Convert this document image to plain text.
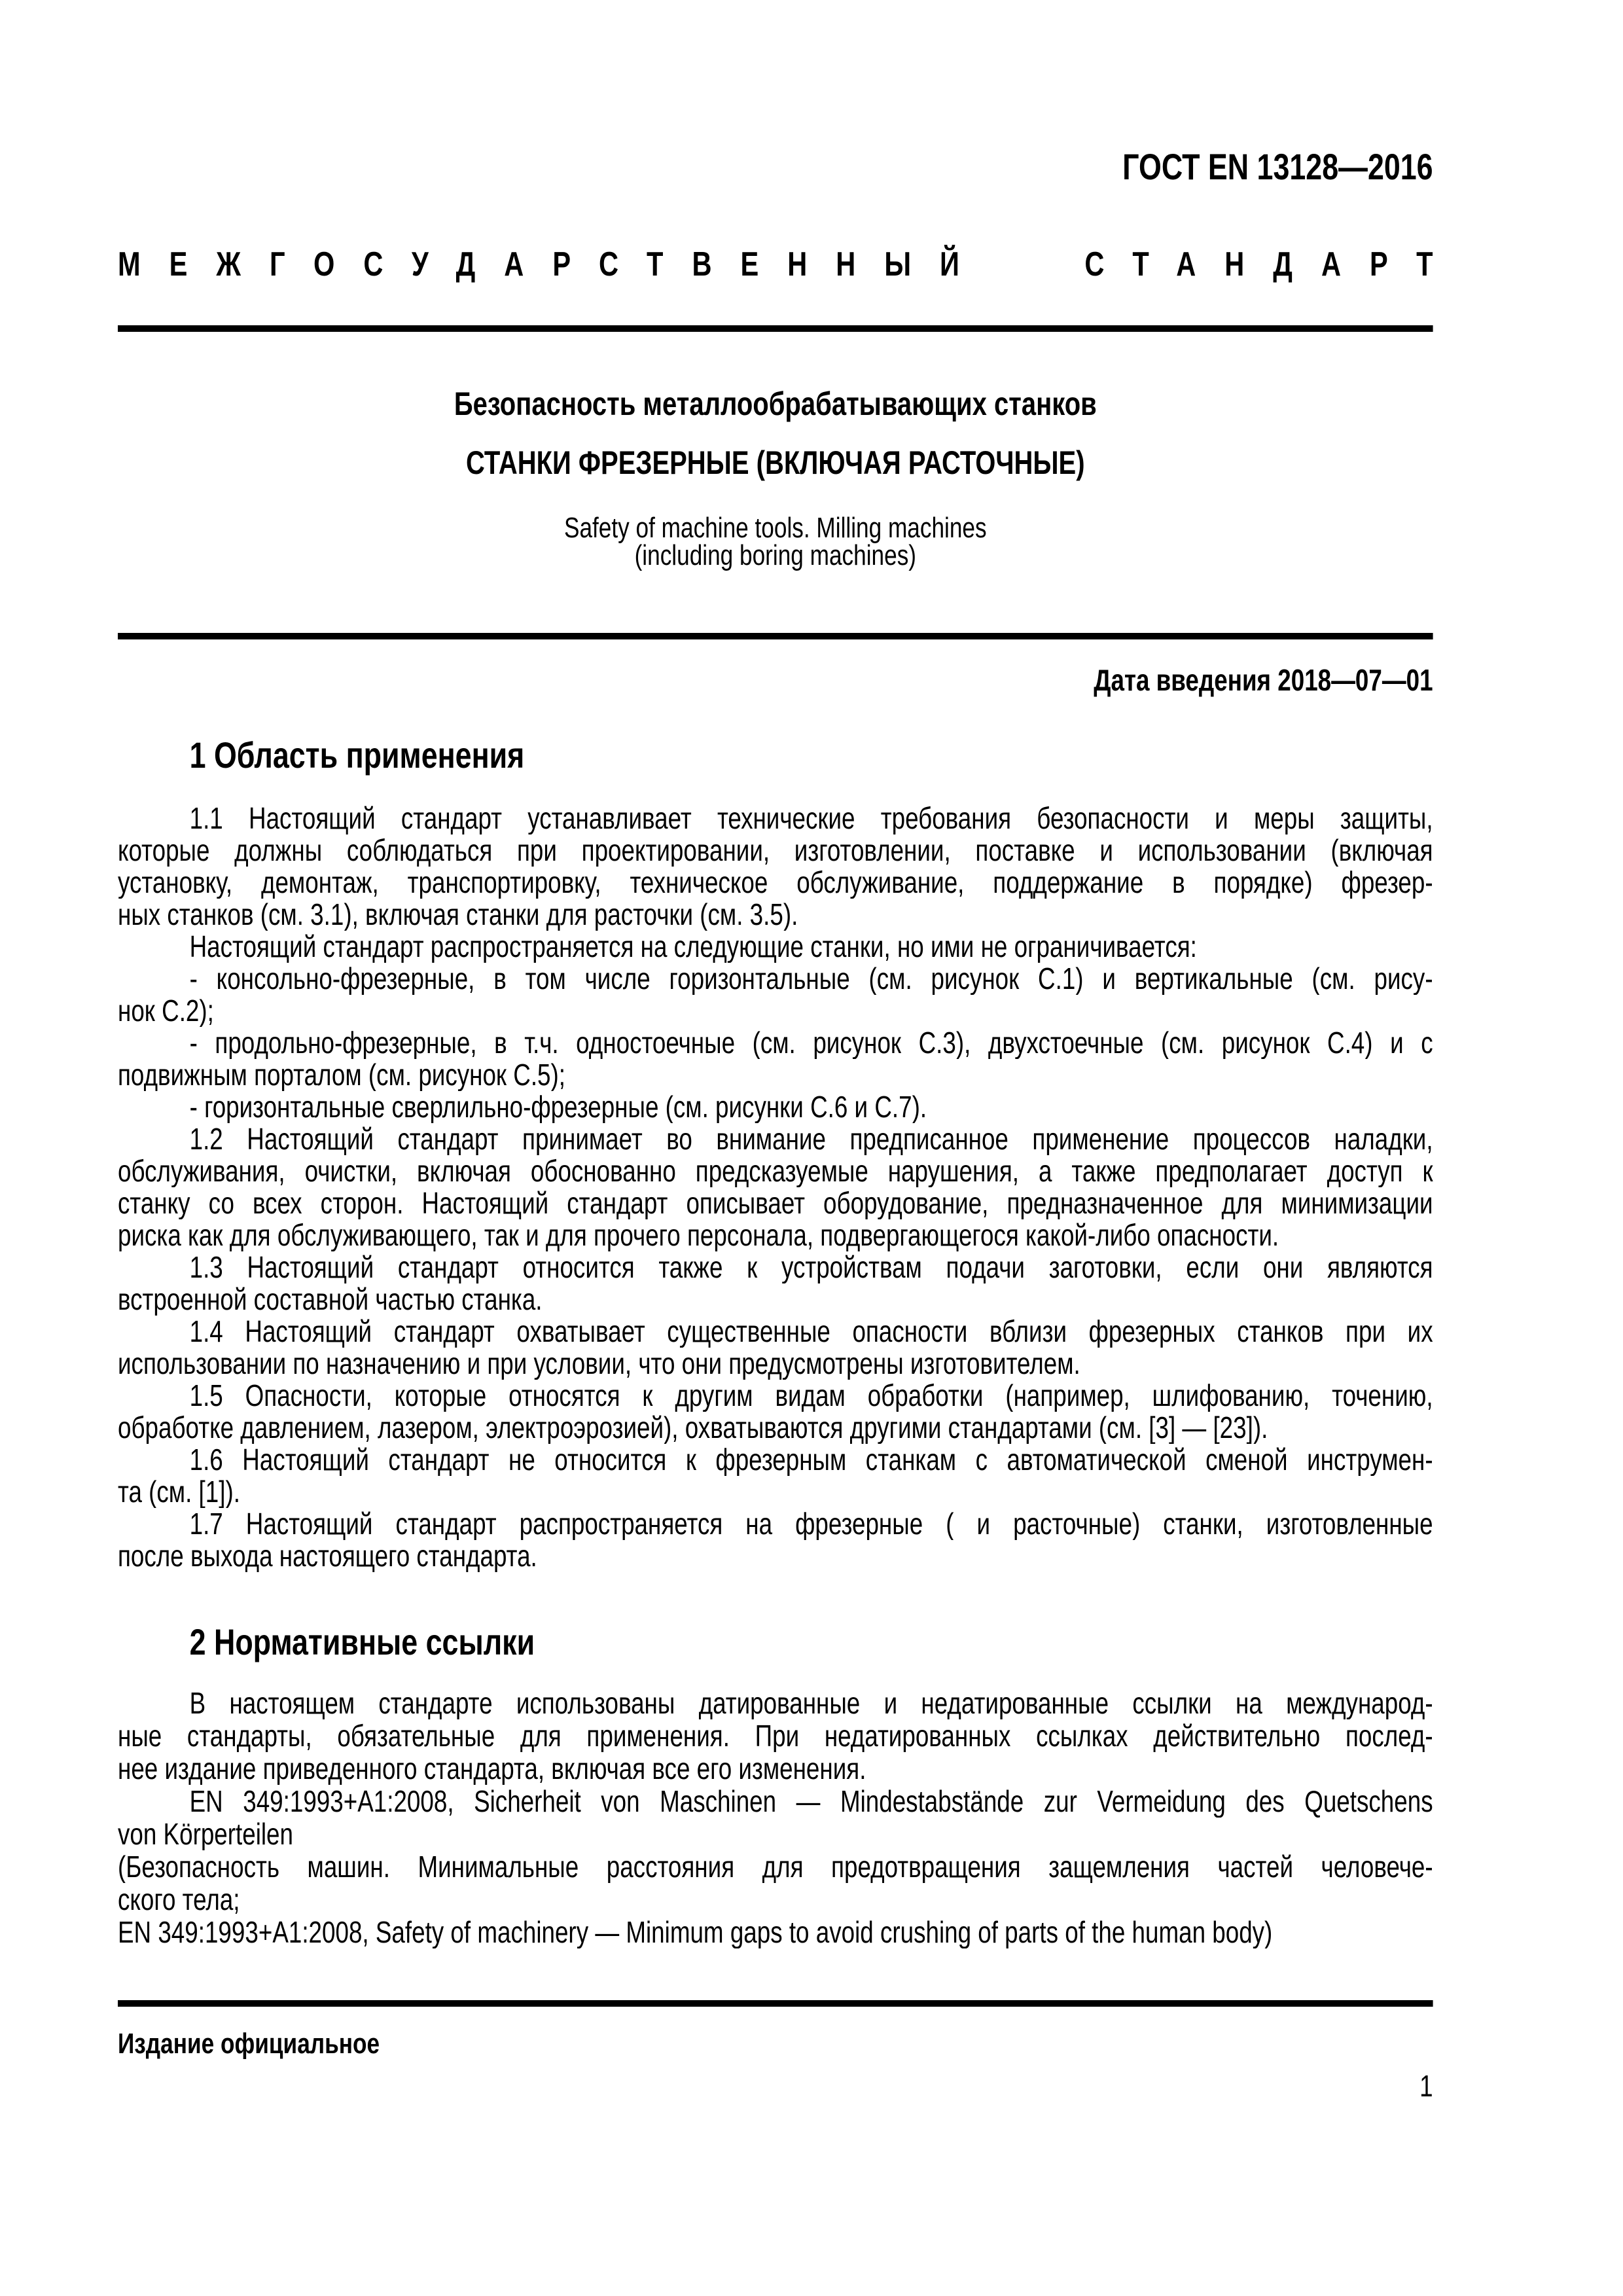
ГОСТ EN 13128—2016
МЕЖГОСУДАРСТВЕННЫЙ	СТАНДАРТ
Безопасность металлообрабатывающих станков
СТАНКИ ФРЕЗЕРНЫЕ (ВКЛЮЧАЯ РАСТОЧНЫЕ)
Safety of machine tools. Milling machines
(including boring machines)
Дата введения 2018—07—01
1 Область применения
1.1 Настоящий стандарт устанавливает технические требования безопасности и меры защиты,
которые должны соблюдаться при проектировании, изготовлении, поставке и использовании (включая
установку, демонтаж, транспортировку, техническое обслуживание, поддержание в порядке) фрезер-
ных станков (см. 3.1), включая станки для расточки (см. 3.5).
Настоящий стандарт распространяется на следующие станки, но ими не ограничивается:
- консольно-фрезерные, в том числе горизонтальные (см. рисунок С.1) и вертикальные (см. рису-
нок С.2);
- продольно-фрезерные, в т.ч. одностоечные (см. рисунок С.3), двухстоечные (см. рисунок С.4) и с
подвижным порталом (см. рисунок С.5);
- горизонтальные сверлильно-фрезерные (см. рисунки С.6 и С.7).
1.2 Настоящий стандарт принимает во внимание предписанное применение процессов наладки,
обслуживания, очистки, включая обоснованно предсказуемые нарушения, а также предполагает доступ к
станку со всех сторон. Настоящий стандарт описывает оборудование, предназначенное для минимизации
риска как для обслуживающего, так и для прочего персонала, подвергающегося какой-либо опасности.
1.3 Настоящий стандарт относится также к устройствам подачи заготовки, если они являются
встроенной составной частью станка.
1.4 Настоящий стандарт охватывает существенные опасности вблизи фрезерных станков при их
использовании по назначению и при условии, что они предусмотрены изготовителем.
1.5 Опасности, которые относятся к другим видам обработки (например, шлифованию, точению,
обработке давлением, лазером, электроэрозией), охватываются другими стандартами (см. [3] — [23]).
1.6 Настоящий стандарт не относится к фрезерным станкам с автоматической сменой инструмен-
та (см. [1]).
1.7 Настоящий стандарт распространяется на фрезерные ( и расточные) станки, изготовленные
после выхода настоящего стандарта.
2 Нормативные ссылки
В настоящем стандарте использованы датированные и недатированные ссылки на международ-
ные стандарты, обязательные для применения. При недатированных ссылках действительно послед-
нее издание приведенного стандарта, включая все его изменения.
EN 349:1993+A1:2008, Sicherheit von Maschinen — Mindestabstände zur Vermeidung des Quetschens
von Körperteilen
(Безопасность машин. Минимальные расстояния для предотвращения защемления частей человече-
ского тела;
EN 349:1993+A1:2008, Safety of machinery — Minimum gaps to avoid crushing of parts of the human body)
Издание официальное
1
